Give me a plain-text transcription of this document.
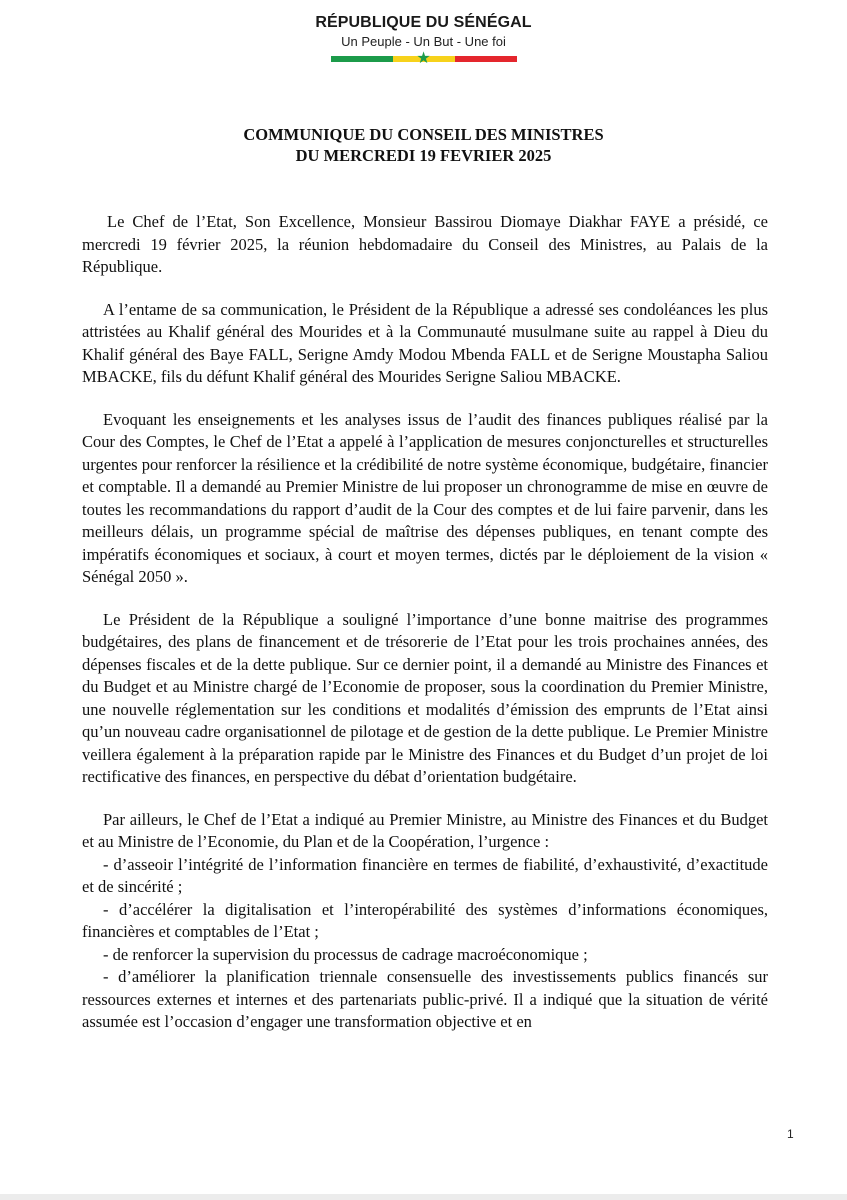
RÉPUBLIQUE DU SÉNÉGAL
Un Peuple - Un But - Une foi
★
COMMUNIQUE DU CONSEIL DES MINISTRES
DU MERCREDI 19 FEVRIER 2025

Le Chef de l’Etat, Son Excellence, Monsieur Bassirou Diomaye Diakhar FAYE a présidé, ce mercredi 19 février 2025, la réunion hebdomadaire du Conseil des Ministres, au Palais de la République.

A l’entame de sa communication, le Président de la République a adressé ses condoléances les plus attristées au Khalif général des Mourides et à la Communauté musulmane suite au rappel à Dieu du Khalif général des Baye FALL, Serigne Amdy Modou Mbenda FALL et de Serigne Moustapha Saliou MBACKE, fils du défunt Khalif général des Mourides Serigne Saliou MBACKE.

Evoquant les enseignements et les analyses issus de l’audit des finances publiques réalisé par la Cour des Comptes, le Chef de l’Etat a appelé à l’application de mesures conjoncturelles et structurelles urgentes pour renforcer la résilience et la crédibilité de notre système économique, budgétaire, financier et comptable. Il a demandé au Premier Ministre de lui proposer un chronogramme de mise en œuvre de toutes les recommandations du rapport d’audit de la Cour des comptes et de lui faire parvenir, dans les meilleurs délais, un programme spécial de maîtrise des dépenses publiques, en tenant compte des impératifs économiques et sociaux, à court et moyen termes, dictés par le déploiement de la vision « Sénégal 2050 ».

Le Président de la République a souligné l’importance d’une bonne maitrise des programmes budgétaires, des plans de financement et de trésorerie de l’Etat pour les trois prochaines années, des dépenses fiscales et de la dette publique. Sur ce dernier point, il a demandé au Ministre des Finances et du Budget et au Ministre chargé de l’Economie de proposer, sous la coordination du Premier Ministre, une nouvelle réglementation sur les conditions et modalités d’émission des emprunts de l’Etat ainsi qu’un nouveau cadre organisationnel de pilotage et de gestion de la dette publique. Le Premier Ministre veillera également à la préparation rapide par le Ministre des Finances et du Budget d’un projet de loi rectificative des finances, en perspective du débat d’orientation budgétaire.

Par ailleurs, le Chef de l’Etat a indiqué au Premier Ministre, au Ministre des Finances et du Budget et au Ministre de l’Economie, du Plan et de la Coopération, l’urgence :

- d’asseoir l’intégrité de l’information financière en termes de fiabilité, d’exhaustivité, d’exactitude et de sincérité ;

- d’accélérer la digitalisation et l’interopérabilité des systèmes d’informations économiques, financières et comptables de l’Etat ;

- de renforcer la supervision du processus de cadrage macroéconomique ;

- d’améliorer la planification triennale consensuelle des investissements publics financés sur ressources externes et internes et des partenariats public-privé. Il a indiqué que la situation de vérité assumée est l’occasion d’engager une transformation objective et en

1
